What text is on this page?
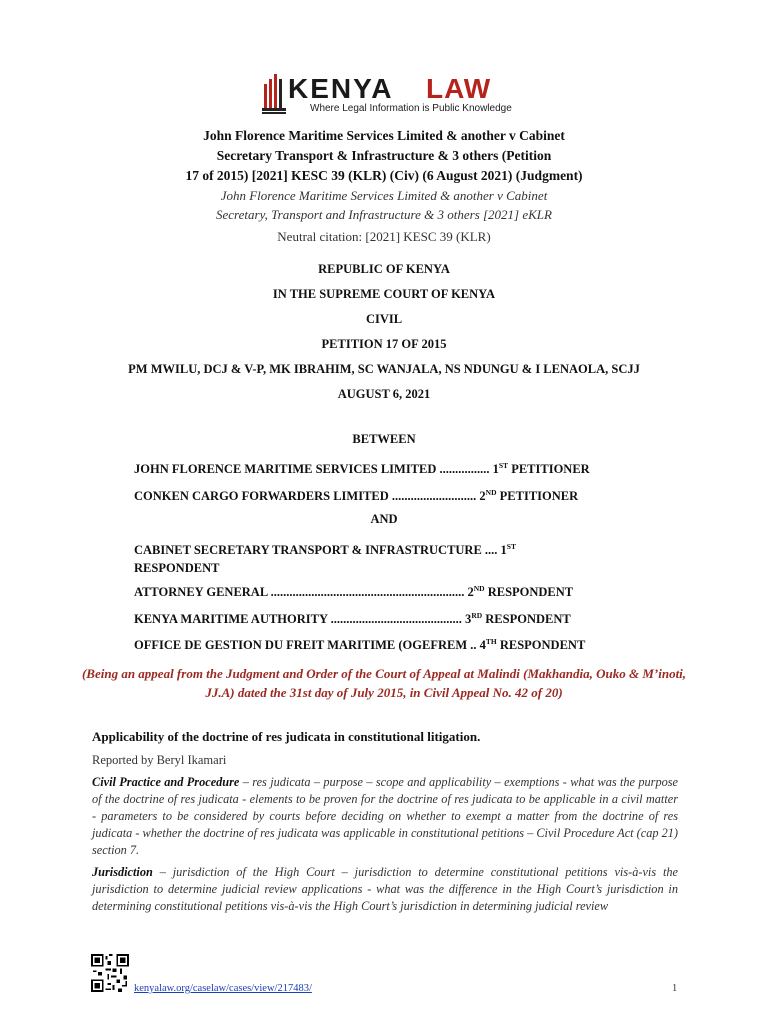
KENYA LAW
Where Legal Information is Public Knowledge
John Florence Maritime Services Limited & another v Cabinet
Secretary Transport & Infrastructure & 3 others (Petition
17 of 2015) [2021] KESC 39 (KLR) (Civ) (6 August 2021) (Judgment)
John Florence Maritime Services Limited & another v Cabinet
Secretary, Transport and Infrastructure & 3 others [2021] eKLR
Neutral citation: [2021] KESC 39 (KLR)
REPUBLIC OF KENYA
IN THE SUPREME COURT OF KENYA
CIVIL
PETITION 17 OF 2015
PM MWILU, DCJ & V-P, MK IBRAHIM, SC WANJALA, NS NDUNGU & I LENAOLA, SCJJ
AUGUST 6, 2021
BETWEEN
JOHN FLORENCE MARITIME SERVICES LIMITED ................ 1ST PETITIONER
CONKEN CARGO FORWARDERS LIMITED ........................... 2ND PETITIONER
AND
CABINET SECRETARY TRANSPORT & INFRASTRUCTURE .... 1ST RESPONDENT
ATTORNEY GENERAL .............................................................. 2ND RESPONDENT
KENYA MARITIME AUTHORITY .......................................... 3RD RESPONDENT
OFFICE DE GESTION DU FREIT MARITIME (OGEFREM .. 4TH RESPONDENT
(Being an appeal from the Judgment and Order of the Court of Appeal at Malindi (Makhandia, Ouko & M’inoti, JJ.A) dated the 31st day of July 2015, in Civil Appeal No. 42 of 20)
Applicability of the doctrine of res judicata in constitutional litigation.
Reported by Beryl Ikamari
Civil Practice and Procedure – res judicata – purpose – scope and applicability – exemptions - what was the purpose of the doctrine of res judicata - elements to be proven for the doctrine of res judicata to be applicable in a civil matter - parameters to be considered by courts before deciding on whether to exempt a matter from the doctrine of res judicata - whether the doctrine of res judicata was applicable in constitutional petitions – Civil Procedure Act (cap 21) section 7.
Jurisdiction – jurisdiction of the High Court – jurisdiction to determine constitutional petitions vis-à-vis the jurisdiction to determine judicial review applications - what was the difference in the High Court’s jurisdiction in determining constitutional petitions vis-à-vis the High Court’s jurisdiction in determining judicial review
kenyalaw.org/caselaw/cases/view/217483/	1
